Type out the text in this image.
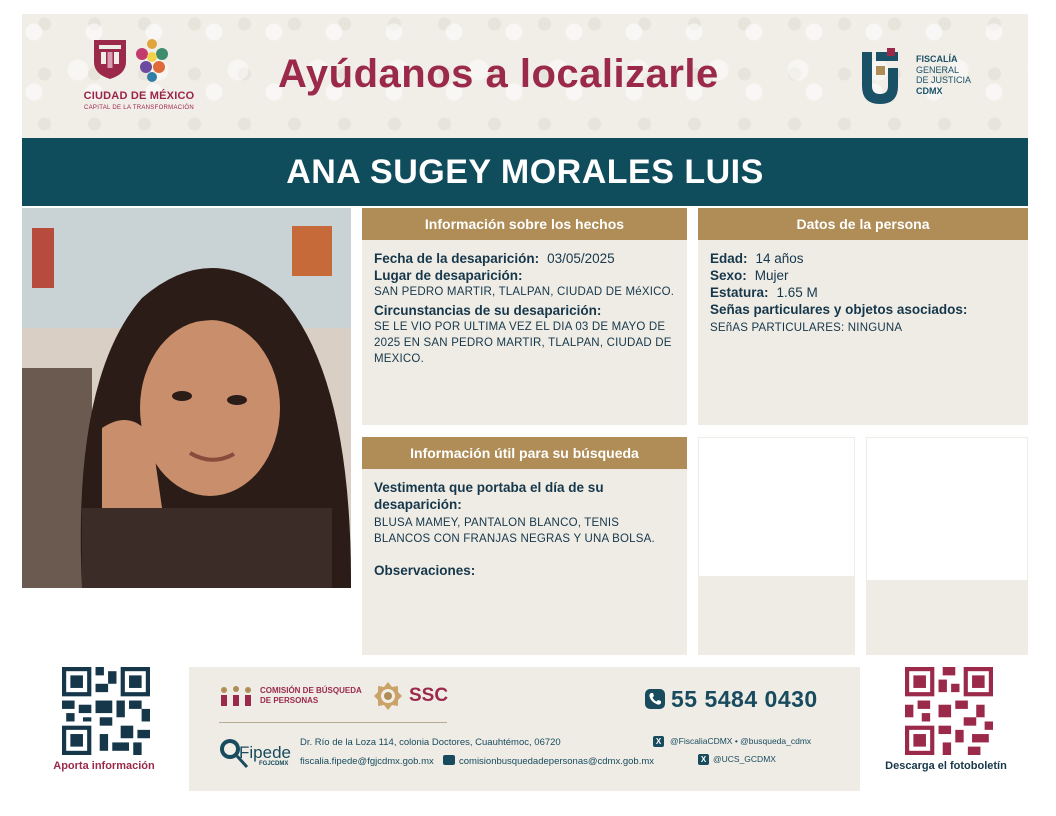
CIUDAD DE MÉXICO
CAPITAL DE LA TRANSFORMACIÓN
Ayúdanos a localizarle	FISCALÍA
GENERAL
DE JUSTICIA
CDMX
ANA SUGEY MORALES LUIS
Información sobre los hechos
Fecha de la desaparición: 03/05/2025
Lugar de desaparición:
SAN PEDRO MARTIR, TLALPAN, CIUDAD DE MéXICO.
Circunstancias de su desaparición:
SE LE VIO POR ULTIMA VEZ EL DIA 03 DE MAYO DE 2025 EN SAN PEDRO MARTIR, TLALPAN, CIUDAD DE MEXICO.
Datos de la persona
Edad: 14 años
Sexo: Mujer
Estatura: 1.65 M
Señas particulares y objetos asociados:
SEñAS PARTICULARES: NINGUNA
Información útil para su búsqueda
Vestimenta que portaba el día de su desaparición:
BLUSA MAMEY, PANTALON BLANCO, TENIS BLANCOS CON FRANJAS NEGRAS Y UNA BOLSA.
Observaciones:
Aporta información
COMISIÓN DE BÚSQUEDA
DE PERSONAS	SSC	55 5484 0430
Fipede
FGJCDMX
Dr. Río de la Loza 114, colonia Doctores, Cuauhtémoc, 06720
fiscalia.fipede@fgjcdmx.gob.mx	comisionbusquedadepersonas@cdmx.gob.mx
X	@FiscaliaCDMX • @busqueda_cdmx
X @UCS_GCDMX
Descarga el fotoboletín
